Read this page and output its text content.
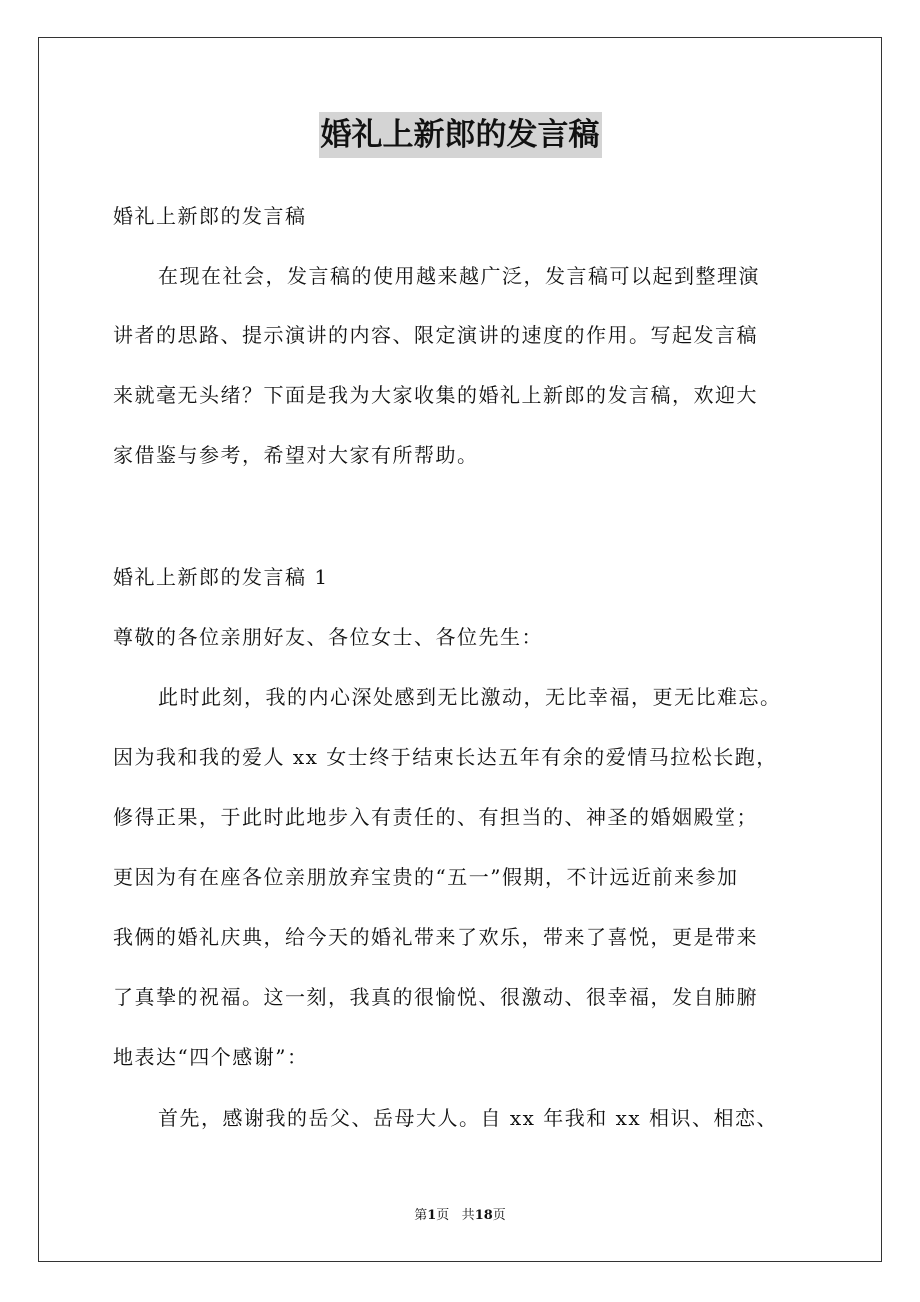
婚礼上新郎的发言稿
婚礼上新郎的发言稿
在现在社会，发言稿的使用越来越广泛，发言稿可以起到整理演
讲者的思路、提示演讲的内容、限定演讲的速度的作用。写起发言稿
来就毫无头绪？下面是我为大家收集的婚礼上新郎的发言稿，欢迎大
家借鉴与参考，希望对大家有所帮助。
婚礼上新郎的发言稿 1
尊敬的各位亲朋好友、各位女士、各位先生：
此时此刻，我的内心深处感到无比激动，无比幸福，更无比难忘。
因为我和我的爱人 xx 女士终于结束长达五年有余的爱情马拉松长跑，
修得正果，于此时此地步入有责任的、有担当的、神圣的婚姻殿堂；
更因为有在座各位亲朋放弃宝贵的“五一”假期，不计远近前来参加
我俩的婚礼庆典，给今天的婚礼带来了欢乐，带来了喜悦，更是带来
了真挚的祝福。这一刻，我真的很愉悦、很激动、很幸福，发自肺腑
地表达“四个感谢”：
首先，感谢我的岳父、岳母大人。自 xx 年我和 xx 相识、相恋、
第1页 共18页
